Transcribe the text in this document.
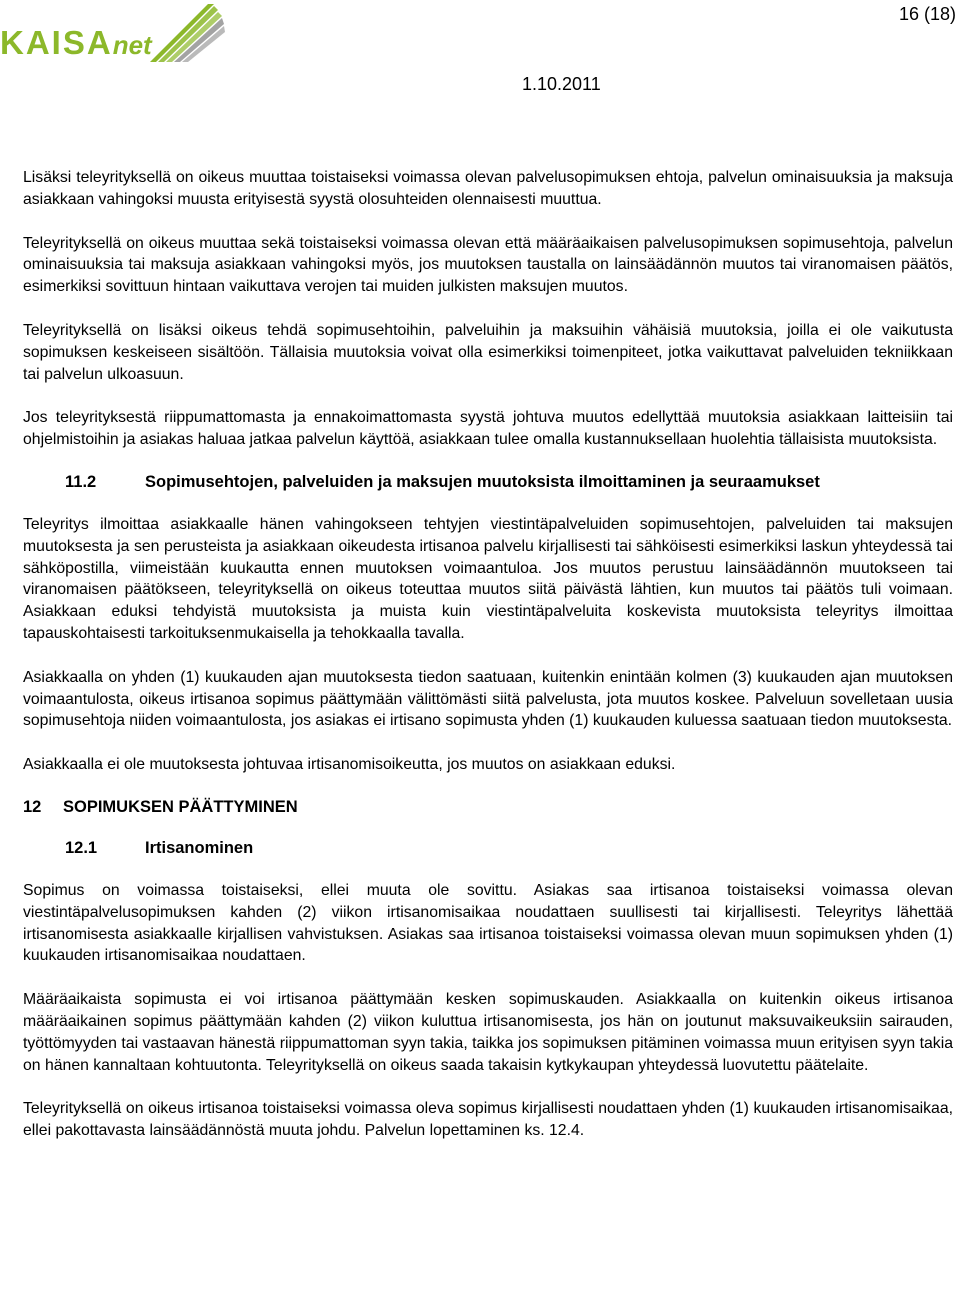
KAISAnet
16 (18)
1.10.2011

Lisäksi teleyrityksellä on oikeus muuttaa toistaiseksi voimassa olevan palvelusopimuksen ehtoja, palvelun ominaisuuksia ja maksuja asiakkaan vahingoksi muusta erityisestä syystä olosuhteiden olennaisesti muuttua.

Teleyrityksellä on oikeus muuttaa sekä toistaiseksi voimassa olevan että määräaikaisen palvelusopimuksen sopimusehtoja, palvelun ominaisuuksia tai maksuja asiakkaan vahingoksi myös, jos muutoksen taustalla on lainsäädännön muutos tai viranomaisen päätös, esimerkiksi sovittuun hintaan vaikuttava verojen tai muiden julkisten maksujen muutos.

Teleyrityksellä on lisäksi oikeus tehdä sopimusehtoihin, palveluihin ja maksuihin vähäisiä muutoksia, joilla ei ole vaikutusta sopimuksen keskeiseen sisältöön. Tällaisia muutoksia voivat olla esimerkiksi toimenpiteet, jotka vaikuttavat palveluiden tekniikkaan tai palvelun ulkoasuun.

Jos teleyrityksestä riippumattomasta ja ennakoimattomasta syystä johtuva muutos edellyttää muutoksia asiakkaan laitteisiin tai ohjelmistoihin ja asiakas haluaa jatkaa palvelun käyttöä, asiakkaan tulee omalla kustannuksellaan huolehtia tällaisista muutoksista.

11.2	Sopimusehtojen, palveluiden ja maksujen muutoksista ilmoittaminen ja seuraamukset

Teleyritys ilmoittaa asiakkaalle hänen vahingokseen tehtyjen viestintäpalveluiden sopimusehtojen, palveluiden tai maksujen muutoksesta ja sen perusteista ja asiakkaan oikeudesta irtisanoa palvelu kirjallisesti tai sähköisesti esimerkiksi laskun yhteydessä tai sähköpostilla, viimeistään kuukautta ennen muutoksen voimaantuloa. Jos muutos perustuu lainsäädännön muutokseen tai viranomaisen päätökseen, teleyrityksellä on oikeus toteuttaa muutos siitä päivästä lähtien, kun muutos tai päätös tuli voimaan. Asiakkaan eduksi tehdyistä muutoksista ja muista kuin viestintäpalveluita koskevista muutoksista teleyritys ilmoittaa tapauskohtaisesti tarkoituksenmukaisella ja tehokkaalla tavalla.

Asiakkaalla on yhden (1) kuukauden ajan muutoksesta tiedon saatuaan, kuitenkin enintään kolmen (3) kuukauden ajan muutoksen voimaantulosta, oikeus irtisanoa sopimus päättymään välittömästi siitä palvelusta, jota muutos koskee. Palveluun sovelletaan uusia sopimusehtoja niiden voimaantulosta, jos asiakas ei irtisano sopimusta yhden (1) kuukauden kuluessa saatuaan tiedon muutoksesta.

Asiakkaalla ei ole muutoksesta johtuvaa irtisanomisoikeutta, jos muutos on asiakkaan eduksi.

12	SOPIMUKSEN PÄÄTTYMINEN
12.1	Irtisanominen

Sopimus on voimassa toistaiseksi, ellei muuta ole sovittu. Asiakas saa irtisanoa toistaiseksi voimassa olevan viestintäpalvelusopimuksen kahden (2) viikon irtisanomisaikaa noudattaen suullisesti tai kirjallisesti. Teleyritys lähettää irtisanomisesta asiakkaalle kirjallisen vahvistuksen. Asiakas saa irtisanoa toistaiseksi voimassa olevan muun sopimuksen yhden (1) kuukauden irtisanomisaikaa noudattaen.

Määräaikaista sopimusta ei voi irtisanoa päättymään kesken sopimuskauden. Asiakkaalla on kuitenkin oikeus irtisanoa määräaikainen sopimus päättymään kahden (2) viikon kuluttua irtisanomisesta, jos hän on joutunut maksuvaikeuksiin sairauden, työttömyyden tai vastaavan hänestä riippumattoman syyn takia, taikka jos sopimuksen pitäminen voimassa muun erityisen syyn takia on hänen kannaltaan kohtuutonta. Teleyrityksellä on oikeus saada takaisin kytkykaupan yhteydessä luovutettu päätelaite.

Teleyrityksellä on oikeus irtisanoa toistaiseksi voimassa oleva sopimus kirjallisesti noudattaen yhden (1) kuukauden irtisanomisaikaa, ellei pakottavasta lainsäädännöstä muuta johdu. Palvelun lopettaminen ks. 12.4.
